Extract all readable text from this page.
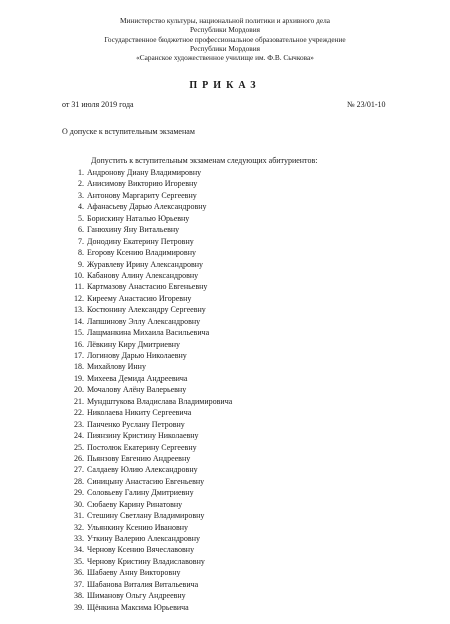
Министерство культуры, национальной политики и архивного дела
Республики Мордовия
Государственное бюджетное профессиональное образовательное учреждение
Республики Мордовия
«Саранское художественное училище им. Ф.В. Сычкова»
ПРИКАЗ
от 31 июля 2019 года	№ 23/01-10
О допуске к вступительным экзаменам
Допустить к вступительным экзаменам следующих абитуриентов:
1. Андронову Диану Владимировну
2. Анисимову Викторию Игоревну
3. Антонову Маргариту Сергеевну
4. Афанасьеву Дарью Александровну
5. Борискину Наталью Юрьевну
6. Ганюхину Яну Витальевну
7. Донодину Екатерину Петровну
8. Егорову Ксению Владимировну
9. Журавлеву Ирину Александровну
10. Кабанову Алину Александровну
11. Картмазову Анастасию Евгеньевну
12. Киреему Анастасию Игоревну
13. Костюнину Александру Сергеевну
14. Лапшинову Эллу Александровну
15. Лащманкина Михаила Васильевича
16. Лёвкину Киру Дмитриевну
17. Логинову Дарью Николаевну
18. Михайлову Инну
19. Михеева Демида Андреевича
20. Мочалову Алёну Валерьевну
21. Мундштукова Владислава Владимировича
22. Николаева Никиту Сергеевича
23. Панченко Руслану Петровну
24. Пиянзину Кристину Николаевну
25. Постолюк Екатерину Сергеевну
26. Пьянзову Евгению Андреевну
27. Салдаеву Юлию Александровну
28. Синицыну Анастасию Евгеньевну
29. Соловьеву Галину Дмитриевну
30. Сюбаеву Карину Ринатовну
31. Стешину Светлану Владимировну
32. Ульянкину Ксению Ивановну
33. Уткину Валерию Александровну
34. Чернову Ксению Вячеславовну
35. Чернову Кристину Владиславовну
36. Шабаеву Анну Викторовну
37. Шабанова Виталия Витальевича
38. Шиманову Ольгу Андреевну
39. Щёнкина Максима Юрьевича
